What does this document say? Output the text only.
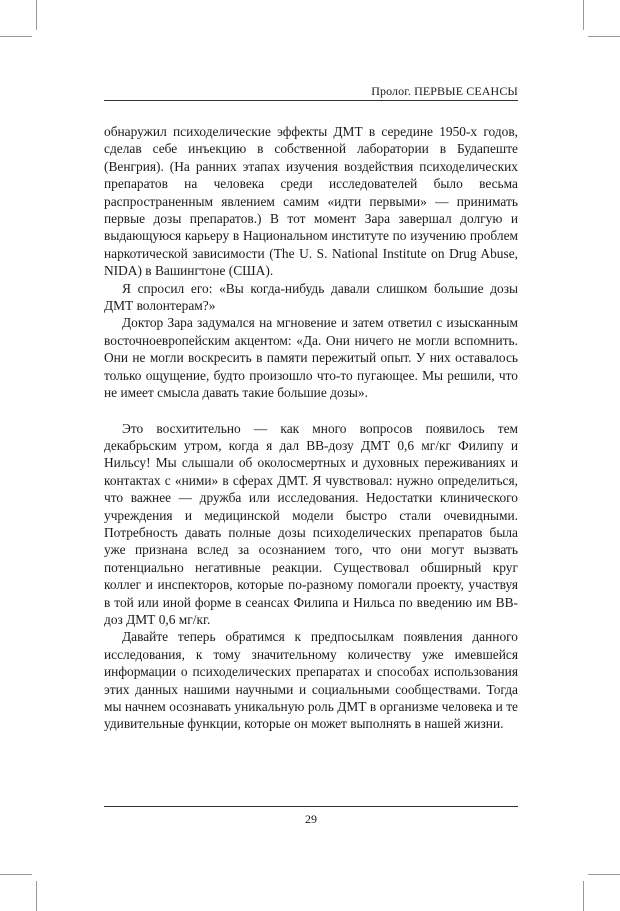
Пролог. ПЕРВЫЕ СЕАНСЫ

обнаружил психоделические эффекты ДМТ в середине 1950-х годов, сделав себе инъекцию в собственной лаборатории в Будапеште (Венгрия). (На ранних этапах изучения воздействия психоделических препаратов на человека среди исследователей было весьма распространенным явлением самим «идти первыми» — принимать первые дозы препаратов.) В тот момент Зара завершал долгую и выдающуюся карьеру в Национальном институте по изучению проблем наркотической зависимости (The U. S. National Institute on Drug Abuse, NIDA) в Вашингтоне (США).

Я спросил его: «Вы когда-нибудь давали слишком большие дозы ДМТ волонтерам?»

Доктор Зара задумался на мгновение и затем ответил с изысканным восточноевропейским акцентом: «Да. Они ничего не могли вспомнить. Они не могли воскресить в памяти пережитый опыт. У них оставалось только ощущение, будто произошло что-то пугающее. Мы решили, что не имеет смысла давать такие большие дозы».

Это восхитительно — как много вопросов появилось тем декабрьским утром, когда я дал ВВ-дозу ДМТ 0,6 мг/кг Филипу и Нильсу! Мы слышали об околосмертных и духовных переживаниях и контактах с «ними» в сферах ДМТ. Я чувствовал: нужно определиться, что важнее — дружба или исследования. Недостатки клинического учреждения и медицинской модели быстро стали очевидными. Потребность давать полные дозы психоделических препаратов была уже признана вслед за осознанием того, что они могут вызвать потенциально негативные реакции. Существовал обширный круг коллег и инспекторов, которые по-разному помогали проекту, участвуя в той или иной форме в сеансах Филипа и Нильса по введению им ВВ-доз ДМТ 0,6 мг/кг.

Давайте теперь обратимся к предпосылкам появления данного исследования, к тому значительному количеству уже имевшейся информации о психоделических препаратах и способах использования этих данных нашими научными и социальными сообществами. Тогда мы начнем осознавать уникальную роль ДМТ в организме человека и те удивительные функции, которые он может выполнять в нашей жизни.

29
